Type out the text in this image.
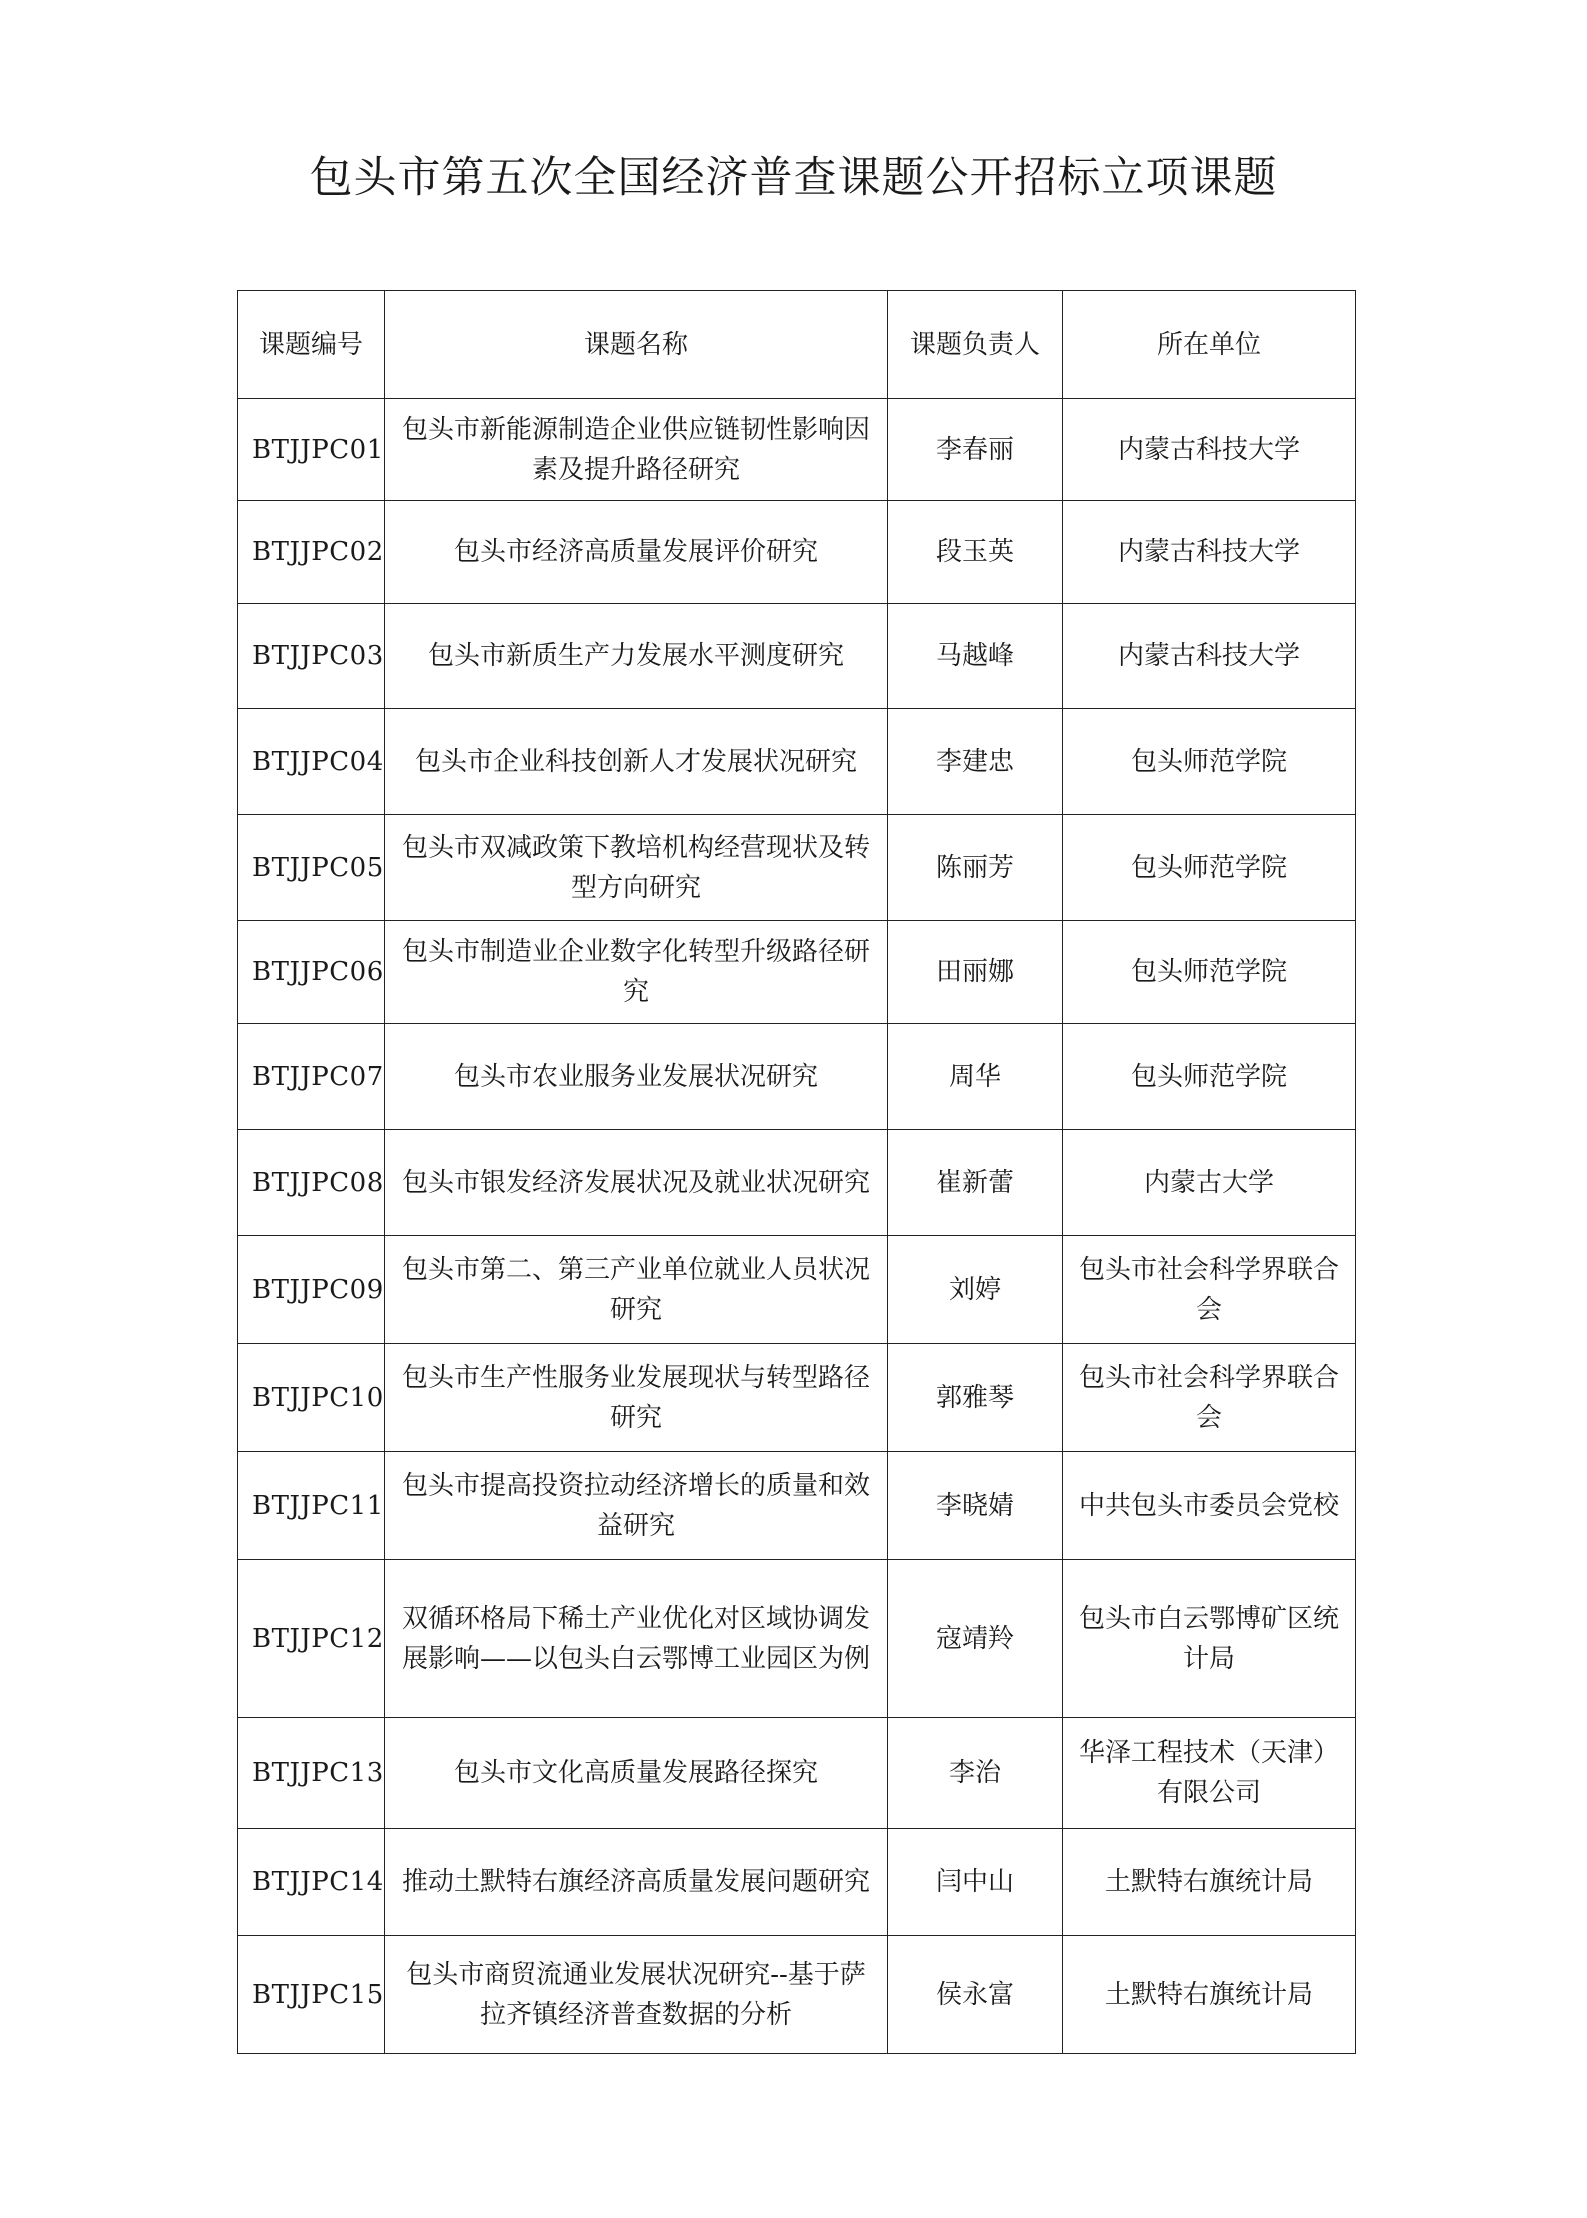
包头市第五次全国经济普查课题公开招标立项课题
课题编号	课题名称	课题负责人	所在单位
BTJJPC01	包头市新能源制造企业供应链韧性影响因素及提升路径研究	李春丽	内蒙古科技大学
BTJJPC02	包头市经济高质量发展评价研究	段玉英	内蒙古科技大学
BTJJPC03	包头市新质生产力发展水平测度研究	马越峰	内蒙古科技大学
BTJJPC04	包头市企业科技创新人才发展状况研究	李建忠	包头师范学院
BTJJPC05	包头市双减政策下教培机构经营现状及转型方向研究	陈丽芳	包头师范学院
BTJJPC06	包头市制造业企业数字化转型升级路径研究	田丽娜	包头师范学院
BTJJPC07	包头市农业服务业发展状况研究	周华	包头师范学院
BTJJPC08	包头市银发经济发展状况及就业状况研究	崔新蕾	内蒙古大学
BTJJPC09	包头市第二、第三产业单位就业人员状况研究	刘婷	包头市社会科学界联合会
BTJJPC10	包头市生产性服务业发展现状与转型路径研究	郭雅琴	包头市社会科学界联合会
BTJJPC11	包头市提高投资拉动经济增长的质量和效益研究	李晓婧	中共包头市委员会党校
BTJJPC12	双循环格局下稀土产业优化对区域协调发展影响——以包头白云鄂博工业园区为例	寇靖羚	包头市白云鄂博矿区统计局
BTJJPC13	包头市文化高质量发展路径探究	李治	华泽工程技术（天津）有限公司
BTJJPC14	推动土默特右旗经济高质量发展问题研究	闫中山	土默特右旗统计局
BTJJPC15	包头市商贸流通业发展状况研究--基于萨拉齐镇经济普查数据的分析	侯永富	土默特右旗统计局
